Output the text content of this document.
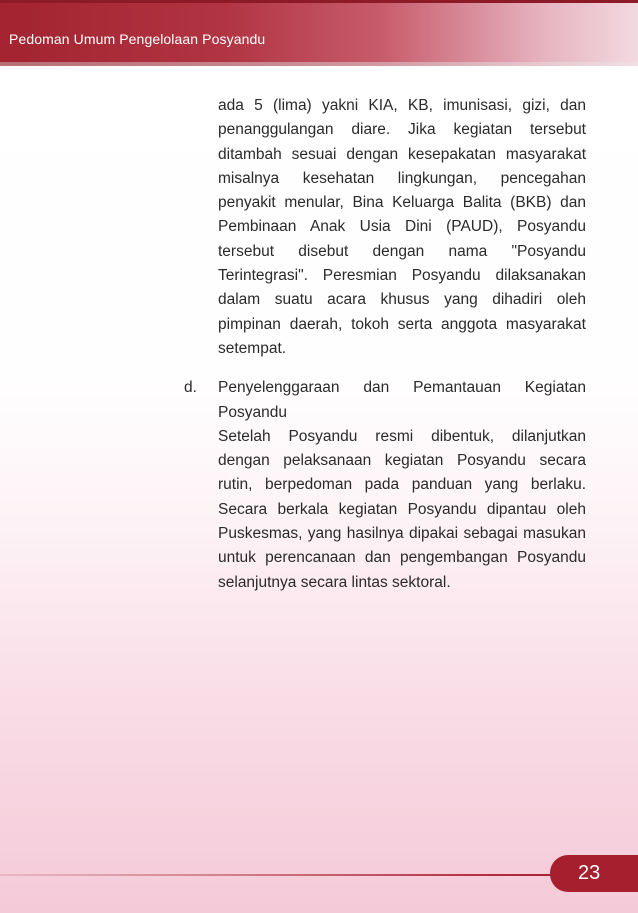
Pedoman Umum Pengelolaan Posyandu

ada 5 (lima) yakni KIA, KB, imunisasi, gizi, dan penanggulangan diare. Jika kegiatan tersebut ditambah sesuai dengan kesepakatan masyarakat misalnya kesehatan lingkungan, pencegahan penyakit menular, Bina Keluarga Balita (BKB) dan Pembinaan Anak Usia Dini (PAUD), Posyandu tersebut disebut dengan nama "Posyandu Terintegrasi". Peresmian Posyandu dilaksanakan dalam suatu acara khusus yang dihadiri oleh pimpinan daerah, tokoh serta anggota masyarakat setempat.

d. Penyelenggaraan dan Pemantauan Kegiatan Posyandu

Setelah Posyandu resmi dibentuk, dilanjutkan dengan pelaksanaan kegiatan Posyandu secara rutin, berpedoman pada panduan yang berlaku. Secara berkala kegiatan Posyandu dipantau oleh Puskesmas, yang hasilnya dipakai sebagai masukan untuk perencanaan dan pengembangan Posyandu selanjutnya secara lintas sektoral.

23
